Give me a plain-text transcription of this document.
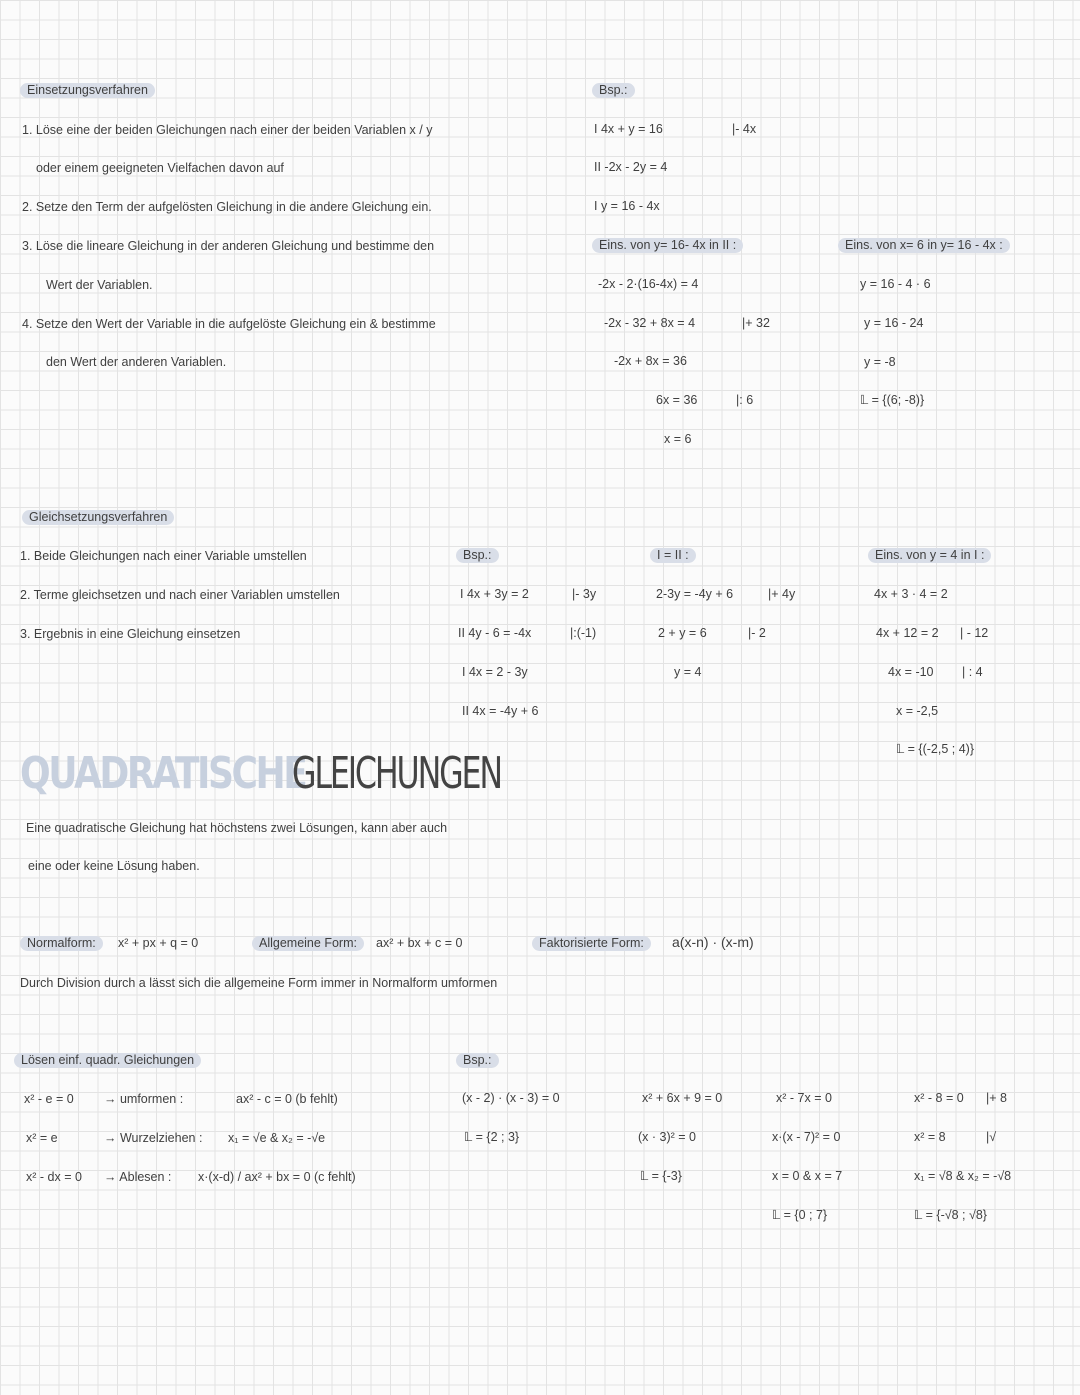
Einsetzungsverfahren
1. Löse eine der beiden Gleichungen nach einer der beiden Variablen x / y
oder einem geeigneten Vielfachen davon auf
2. Setze den Term der aufgelösten Gleichung in die andere Gleichung ein.
3. Löse die lineare Gleichung in der anderen Gleichung und bestimme den
Wert der Variablen.
4. Setze den Wert der Variable in die aufgelöste Gleichung ein & bestimme
den Wert der anderen Variablen.
Bsp.:
I 4x + y = 16	|- 4x
II -2x - 2y = 4
I y = 16 - 4x
Eins. von y= 16- 4x in II :
-2x - 2·(16-4x) = 4
-2x - 32 + 8x = 4	|+ 32
-2x + 8x = 36
6x = 36	|: 6
x = 6
Eins. von x= 6 in y= 16 - 4x :
y = 16 - 4 · 6
y = 16 - 24
y = -8
𝕃 = {(6; -8)}
Gleichsetzungsverfahren
1. Beide Gleichungen nach einer Variable umstellen
2. Terme gleichsetzen und nach einer Variablen umstellen
3. Ergebnis in eine Gleichung einsetzen
Bsp.:
I 4x + 3y = 2	|- 3y
II 4y - 6 = -4x	|:(-1)
I 4x = 2 - 3y
II 4x = -4y + 6
I = II :
2-3y = -4y + 6	|+ 4y
2 + y = 6	|- 2
y = 4
Eins. von y = 4 in I :
4x + 3 · 4 = 2
4x + 12 = 2 | - 12
4x = -10 | : 4
x = -2,5
𝕃 = {(-2,5 ; 4)}
QUADRATISCHE
GLEICHUNGEN
Eine quadratische Gleichung hat höchstens zwei Lösungen, kann aber auch
eine oder keine Lösung haben.
Normalform:	x² + px + q = 0	Allgemeine Form:	ax² + bx + c = 0	Faktorisierte Form:	a(x-n) · (x-m)
Durch Division durch a lässt sich die allgemeine Form immer in Normalform umformen
Lösen einf. quadr. Gleichungen
x² - e = 0 → umformen :	ax² - c = 0 (b fehlt)
x² = e	→ Wurzelziehen : x₁ = √e & x₂ = -√e
x² - dx = 0 → Ablesen : x·(x-d) / ax² + bx = 0 (c fehlt)
Bsp.:
(x - 2) · (x - 3) = 0
𝕃 = {2 ; 3}
x² + 6x + 9 = 0
(x · 3)² = 0
𝕃 = {-3}
x² - 7x = 0
x·(x - 7)² = 0
x = 0 & x = 7
𝕃 = {0 ; 7}
x² - 8 = 0 |+ 8
x² = 8	|√
x₁ = √8 & x₂ = -√8
𝕃 = {-√8 ; √8}
